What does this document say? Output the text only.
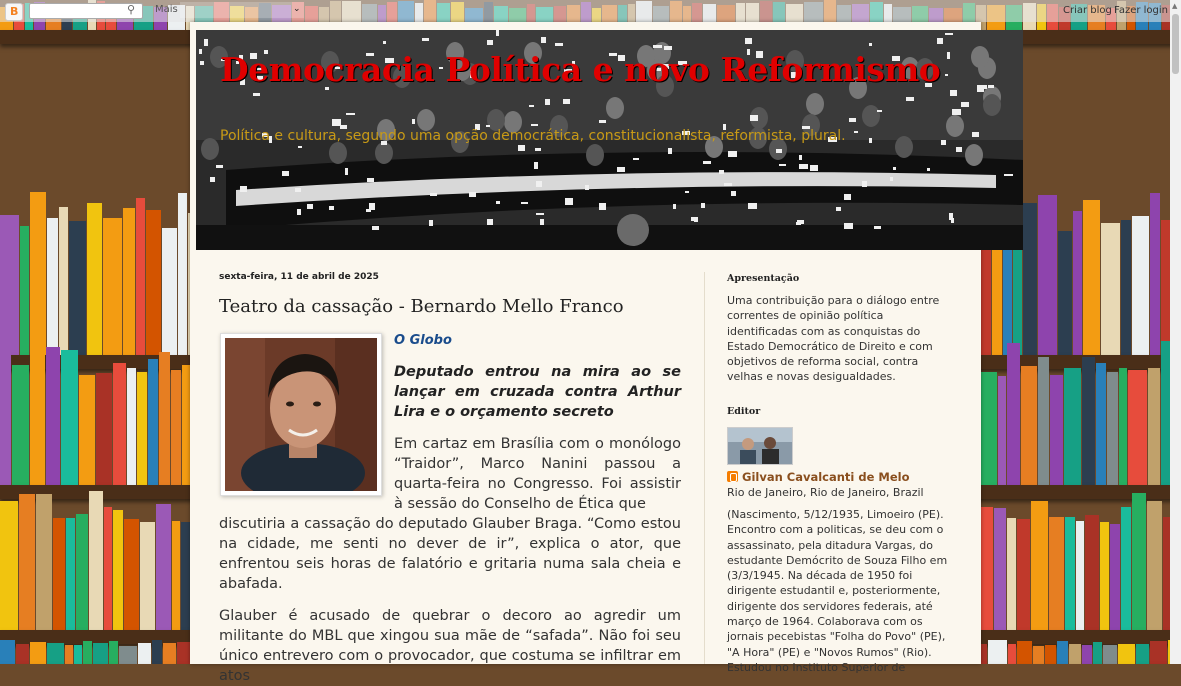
B	⚲ Mais	⌄	Criar blog Fazer login ▲
Democracia Política e novo Reformismo
Política e cultura, segundo uma opção democrática, constitucionalista, reformista, plural.
sexta-feira, 11 de abril de 2025
Teatro da cassação - Bernardo Mello Franco
O Globo
Deputado entrou na mira ao se lançar em cruzada contra Arthur Lira e o orçamento secreto
Em cartaz em Brasília com o monólogo “Traidor”, Marco Nanini passou a quarta-feira no Congresso. Foi assistir à sessão do Conselho de Ética que
discutiria a cassação do deputado Glauber Braga. “Como estou na cidade, me senti no dever de ir”, explica o ator, que enfrentou seis horas de falatório e gritaria numa sala cheia e abafada.
Glauber é acusado de quebrar o decoro ao agredir um militante do MBL que xingou sua mãe de “safada”. Não foi seu único entrevero com o provocador, que costuma se infiltrar em atos
Apresentação
Uma contribuição para o diálogo entre correntes de opinião política identificadas com as conquistas do Estado Democrático de Direito e com objetivos de reforma social, contra velhas e novas desigualdades.
Editor
Gilvan Cavalcanti de Melo
Rio de Janeiro, Rio de Janeiro, Brazil
(Nascimento, 5/12/1935, Limoeiro (PE). Encontro com a politicas, se deu com o assassinato, pela ditadura Vargas, do estudante Demócrito de Souza Filho em (3/3/1945. Na década de 1950 foi dirigente estudantil e, posteriormente, dirigente dos servidores federais, até março de 1964. Colaborava com os jornais pecebistas "Folha do Povo" (PE), "A Hora" (PE) e "Novos Rumos" (Rio). Estudou no Instituto Superior de
